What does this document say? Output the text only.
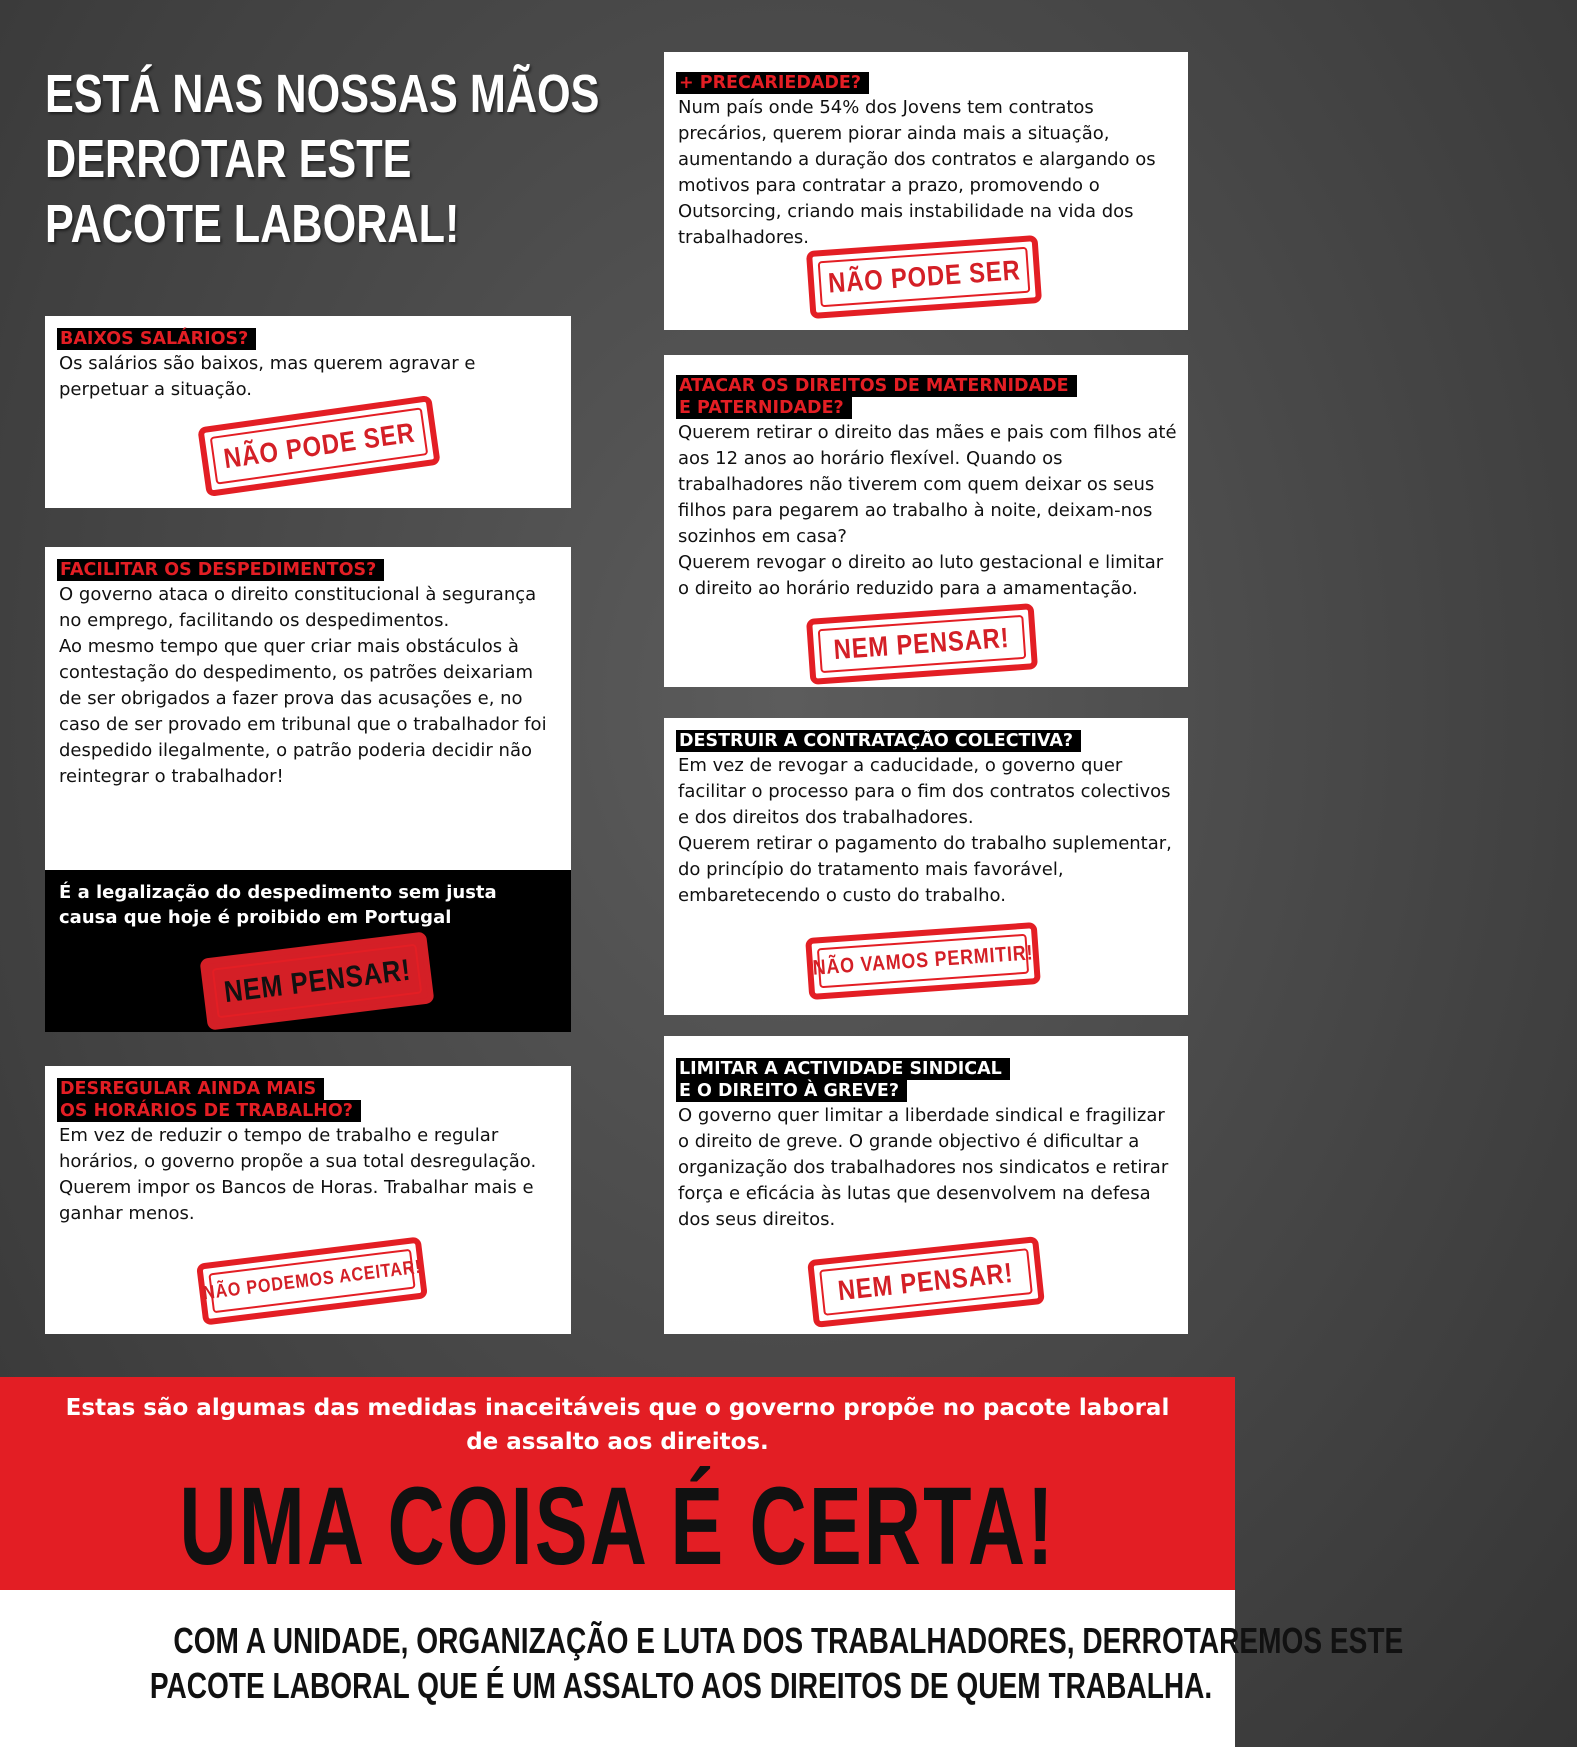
ESTÁ NAS NOSSAS MÃOS
DERROTAR ESTE
PACOTE LABORAL!
BAIXOS SALÁRIOS?
Os salários são baixos, mas querem agravar e perpetuar a situação.
NÃO PODE SER
FACILITAR OS DESPEDIMENTOS?

O governo ataca o direito constitucional à segurança no emprego, facilitando os despedimentos.

Ao mesmo tempo que quer criar mais obstáculos à contestação do despedimento, os patrões deixariam de ser obrigados a fazer prova das acusações e, no caso de ser provado em tribunal que o trabalhador foi despedido ilegalmente, o patrão poderia decidir não reintegrar o trabalhador!

É a legalização do despedimento sem justa causa que hoje é proibido em Portugal
NEM PENSAR!
DESREGULAR AINDA MAIS
OS HORÁRIOS DE TRABALHO?
Em vez de reduzir o tempo de trabalho e regular horários, o governo propõe a sua total desregulação. Querem impor os Bancos de Horas. Trabalhar mais e ganhar menos.
NÃO PODEMOS ACEITAR!
+ PRECARIEDADE?
Num país onde 54% dos Jovens tem contratos precários, querem piorar ainda mais a situação, aumentando a duração dos contratos e alargando os motivos para contratar a prazo, promovendo o Outsorcing, criando mais instabilidade na vida dos trabalhadores.
NÃO PODE SER
ATACAR OS DIREITOS DE MATERNIDADE
E PATERNIDADE?

Querem retirar o direito das mães e pais com filhos até aos 12 anos ao horário flexível. Quando os trabalhadores não tiverem com quem deixar os seus filhos para pegarem ao trabalho à noite, deixam-nos sozinhos em casa?

Querem revogar o direito ao luto gestacional e limitar o direito ao horário reduzido para a amamentação.

NEM PENSAR!
DESTRUIR A CONTRATAÇÃO COLECTIVA?

Em vez de revogar a caducidade, o governo quer facilitar o processo para o fim dos contratos colectivos e dos direitos dos trabalhadores.

Querem retirar o pagamento do trabalho suplementar, do princípio do tratamento mais favorável, embaretecendo o custo do trabalho.

NÃO VAMOS PERMITIR!
LIMITAR A ACTIVIDADE SINDICAL
E O DIREITO À GREVE?
O governo quer limitar a liberdade sindical e fragilizar o direito de greve. O grande objectivo é dificultar a organização dos trabalhadores nos sindicatos e retirar força e eficácia às lutas que desenvolvem na defesa dos seus direitos.
NEM PENSAR!
Estas são algumas das medidas inaceitáveis que o governo propõe no pacote laboral de assalto aos direitos.
UMA COISA É CERTA!
COM A UNIDADE, ORGANIZAÇÃO E LUTA DOS TRABALHADORES, DERROTAREMOS ESTE
PACOTE LABORAL QUE É UM ASSALTO AOS DIREITOS DE QUEM TRABALHA.
